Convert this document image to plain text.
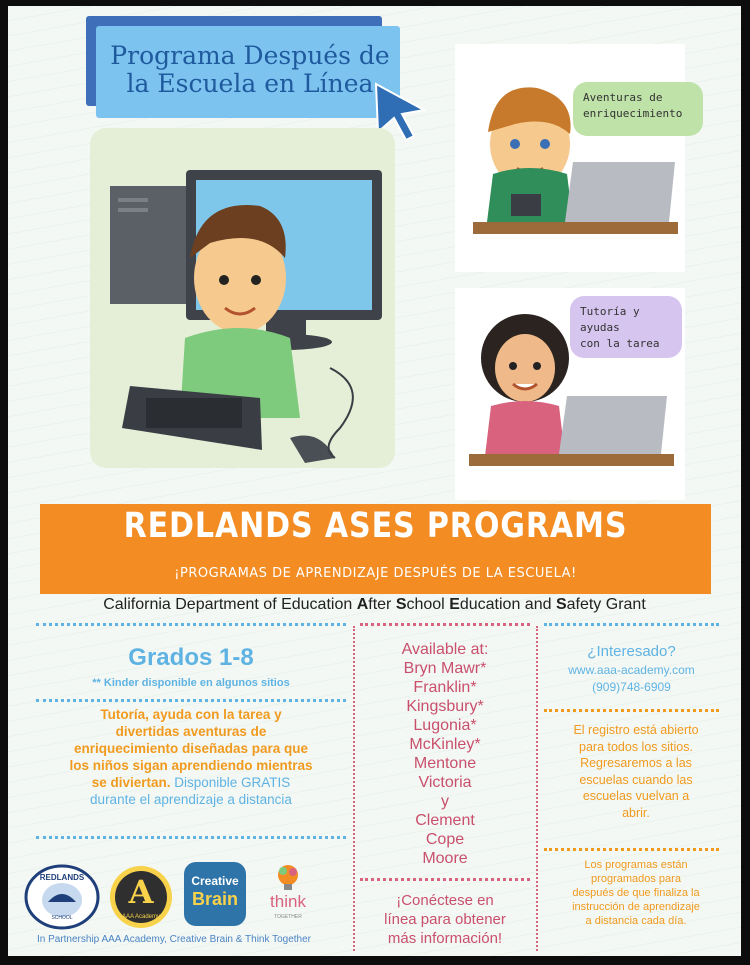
Programa Después de
la Escuela en Línea	Aventuras de
enriquecimiento
Tutoría y ayudas
con la tarea
REDLANDS ASES PROGRAMS
¡PROGRAMAS DE APRENDIZAJE DESPUÉS DE LA ESCUELA!
California Department of Education After School Education and Safety Grant
Grados 1-8
** Kinder disponible en algunos sitios
Tutoría, ayuda con la tarea y
divertidas aventuras de
enriquecimiento diseñadas para que
los niños sigan aprendiendo mientras
se diviertan. Disponible GRATIS
durante el aprendizaje a distancia
Available at:
Bryn Mawr*
Franklin*
Kingsbury*
Lugonia*
McKinley*
Mentone
Victoria
y
Clement
Cope
Moore
¡Conéctese en
línea para obtener
más información!
¿Interesado?
www.aaa-academy.com
(909)748-6909
El registro está abierto
para todos los sitios.
Regresaremos a las
escuelas cuando las
escuelas vuelvan a
abrir.
Los programas están
programados para
después de que finaliza la
instrucción de aprendizaje
a distancia cada día.
REDLANDS
SCHOOL
A
AAA Academy
Creative
Brain	think
TOGETHER
In Partnership AAA Academy, Creative Brain & Think Together
